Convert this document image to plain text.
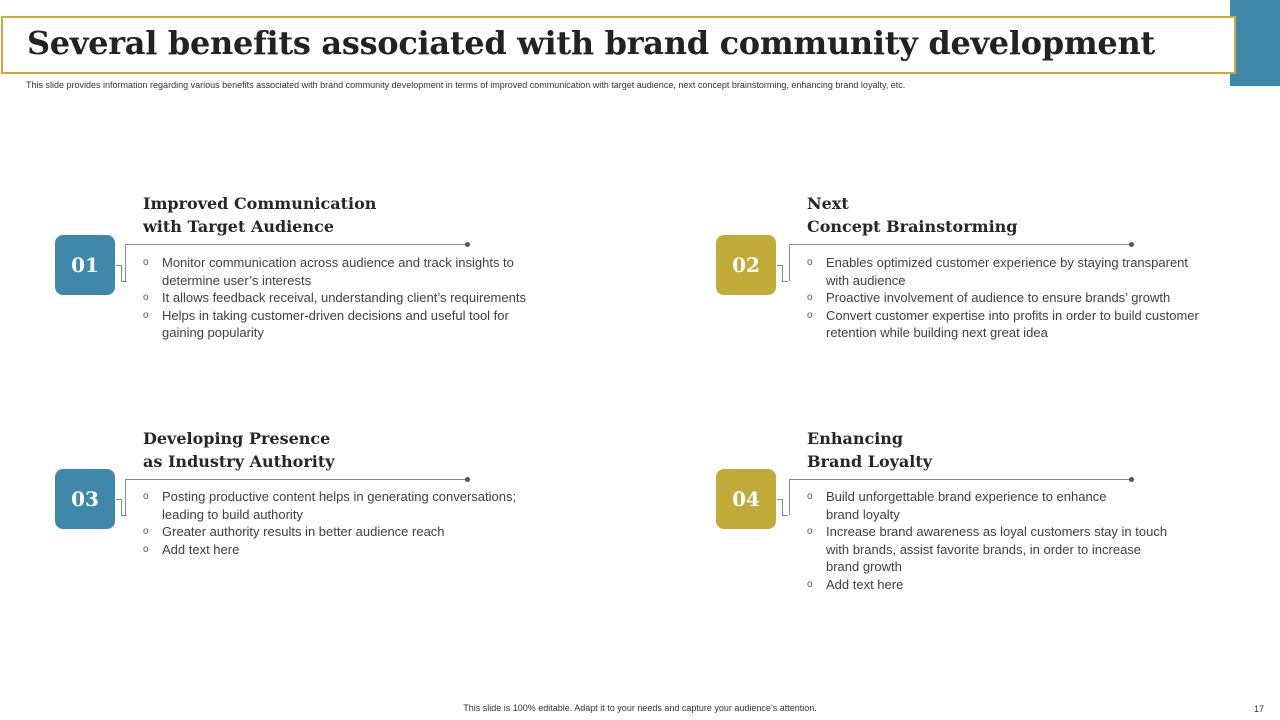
Several benefits associated with brand community development
This slide provides information regarding various benefits associated with brand community development in terms of improved communication with target audience, next concept brainstorming, enhancing brand loyalty, etc.
01
Improved Communication
with Target Audience
o Monitor communication across audience and track insights to
determine user’s interests
o It allows feedback receival, understanding client’s requirements
o Helps in taking customer-driven decisions and useful tool for
gaining popularity
02
Next
Concept Brainstorming
o Enables optimized customer experience by staying transparent
with audience
o Proactive involvement of audience to ensure brands’ growth
o Convert customer expertise into profits in order to build customer
retention while building next great idea
03
Developing Presence
as Industry Authority
o Posting productive content helps in generating conversations;
leading to build authority
o Greater authority results in better audience reach
o Add text here
04
Enhancing
Brand Loyalty
o Build unforgettable brand experience to enhance
brand loyalty
o Increase brand awareness as loyal customers stay in touch
with brands, assist favorite brands, in order to increase
brand growth
o Add text here
This slide is 100% editable. Adapt it to your needs and capture your audience’s attention.	17
